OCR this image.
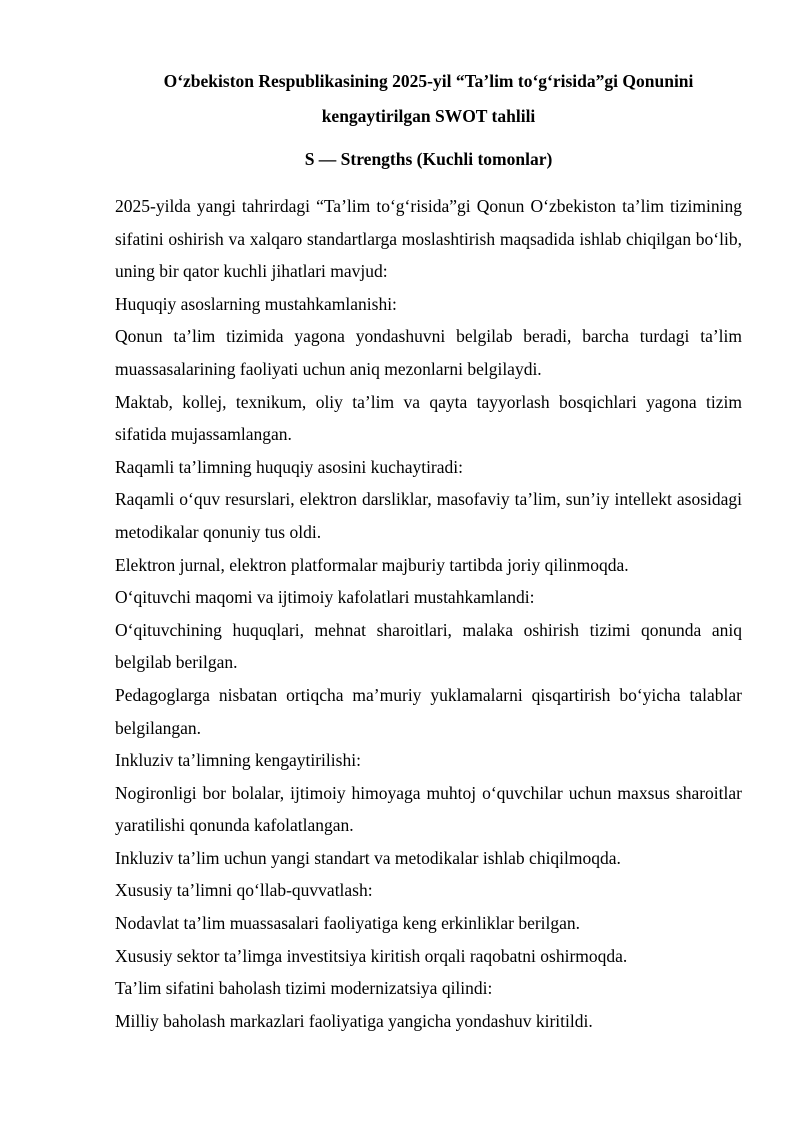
O‘zbekiston Respublikasining 2025-yil “Ta’lim to‘g‘risida”gi Qonunini
kengaytirilgan SWOT tahlili
S — Strengths (Kuchli tomonlar)

2025-yilda yangi tahrirdagi “Ta’lim to‘g‘risida”gi Qonun O‘zbekiston ta’lim tizimining sifatini oshirish va xalqaro standartlarga moslashtirish maqsadida ishlab chiqilgan bo‘lib, uning bir qator kuchli jihatlari mavjud:

Huquqiy asoslarning mustahkamlanishi:

Qonun ta’lim tizimida yagona yondashuvni belgilab beradi, barcha turdagi ta’lim muassasalarining faoliyati uchun aniq mezonlarni belgilaydi.

Maktab, kollej, texnikum, oliy ta’lim va qayta tayyorlash bosqichlari yagona tizim sifatida mujassamlangan.

Raqamli ta’limning huquqiy asosini kuchaytiradi:

Raqamli o‘quv resurslari, elektron darsliklar, masofaviy ta’lim, sun’iy intellekt asosidagi metodikalar qonuniy tus oldi.

Elektron jurnal, elektron platformalar majburiy tartibda joriy qilinmoqda.

O‘qituvchi maqomi va ijtimoiy kafolatlari mustahkamlandi:

O‘qituvchining huquqlari, mehnat sharoitlari, malaka oshirish tizimi qonunda aniq belgilab berilgan.

Pedagoglarga nisbatan ortiqcha ma’muriy yuklamalarni qisqartirish bo‘yicha talablar belgilangan.

Inkluziv ta’limning kengaytirilishi:

Nogironligi bor bolalar, ijtimoiy himoyaga muhtoj o‘quvchilar uchun maxsus sharoitlar yaratilishi qonunda kafolatlangan.

Inkluziv ta’lim uchun yangi standart va metodikalar ishlab chiqilmoqda.

Xususiy ta’limni qo‘llab-quvvatlash:

Nodavlat ta’lim muassasalari faoliyatiga keng erkinliklar berilgan.

Xususiy sektor ta’limga investitsiya kiritish orqali raqobatni oshirmoqda.

Ta’lim sifatini baholash tizimi modernizatsiya qilindi:

Milliy baholash markazlari faoliyatiga yangicha yondashuv kiritildi.
